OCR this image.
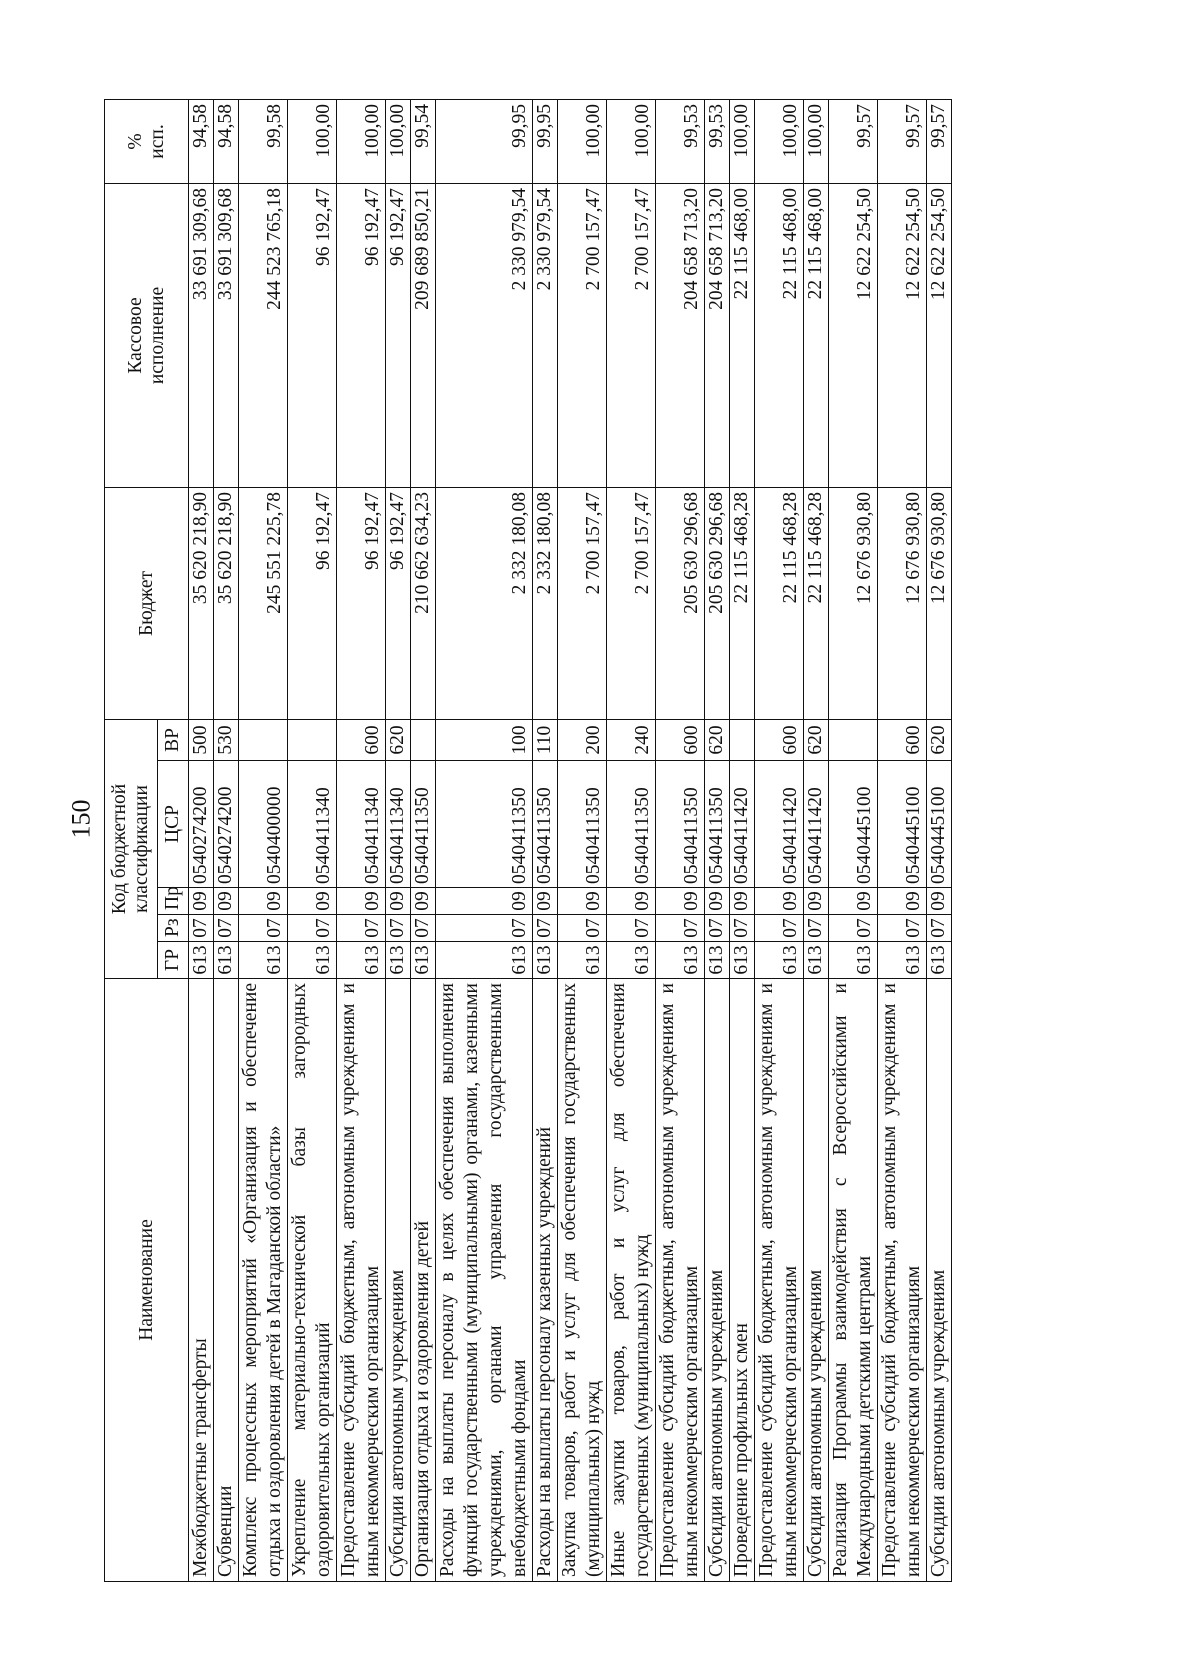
150
Наименование	Код бюджетной классификации					Бюджет	Кассовое исполнение	% исп.
	ГР	Рз	Пр	ЦСР	ВР			
Межбюджетные трансферты	613	07	09	0540274200	500	35 620 218,90	33 691 309,68	94,58
Субвенции	613	07	09	0540274200	530	35 620 218,90	33 691 309,68	94,58
Комплекс процессных мероприятий «Организация и обеспечение отдыха и оздоровления детей в Магаданской области»	613	07	09	0540400000		245 551 225,78	244 523 765,18	99,58
Укрепление материально-технической базы загородных оздоровительных организаций	613	07	09	0540411340		96 192,47	96 192,47	100,00
Предоставление субсидий бюджетным, автономным учреждениям и иным некоммерческим организациям	613	07	09	0540411340	600	96 192,47	96 192,47	100,00
Субсидии автономным учреждениям	613	07	09	0540411340	620	96 192,47	96 192,47	100,00
Организация отдыха и оздоровления детей	613	07	09	0540411350		210 662 634,23	209 689 850,21	99,54
Расходы на выплаты персоналу в целях обеспечения выполнения функций государственными (муниципальными) органами, казенными учреждениями, органами управления государственными внебюджетными фондами	613	07	09	0540411350	100	2 332 180,08	2 330 979,54	99,95
Расходы на выплаты персоналу казенных учреждений	613	07	09	0540411350	110	2 332 180,08	2 330 979,54	99,95
Закупка товаров, работ и услуг для обеспечения государственных (муниципальных) нужд	613	07	09	0540411350	200	2 700 157,47	2 700 157,47	100,00
Иные закупки товаров, работ и услуг для обеспечения государственных (муниципальных) нужд	613	07	09	0540411350	240	2 700 157,47	2 700 157,47	100,00
Предоставление субсидий бюджетным, автономным учреждениям и иным некоммерческим организациям	613	07	09	0540411350	600	205 630 296,68	204 658 713,20	99,53
Субсидии автономным учреждениям	613	07	09	0540411350	620	205 630 296,68	204 658 713,20	99,53
Проведение профильных смен	613	07	09	0540411420		22 115 468,28	22 115 468,00	100,00
Предоставление субсидий бюджетным, автономным учреждениям и иным некоммерческим организациям	613	07	09	0540411420	600	22 115 468,28	22 115 468,00	100,00
Субсидии автономным учреждениям	613	07	09	0540411420	620	22 115 468,28	22 115 468,00	100,00
Реализация Программы взаимодействия с Всероссийскими и Международными детскими центрами	613	07	09	0540445100		12 676 930,80	12 622 254,50	99,57
Предоставление субсидий бюджетным, автономным учреждениям и иным некоммерческим организациям	613	07	09	0540445100	600	12 676 930,80	12 622 254,50	99,57
Субсидии автономным учреждениям	613	07	09	0540445100	620	12 676 930,80	12 622 254,50	99,57
